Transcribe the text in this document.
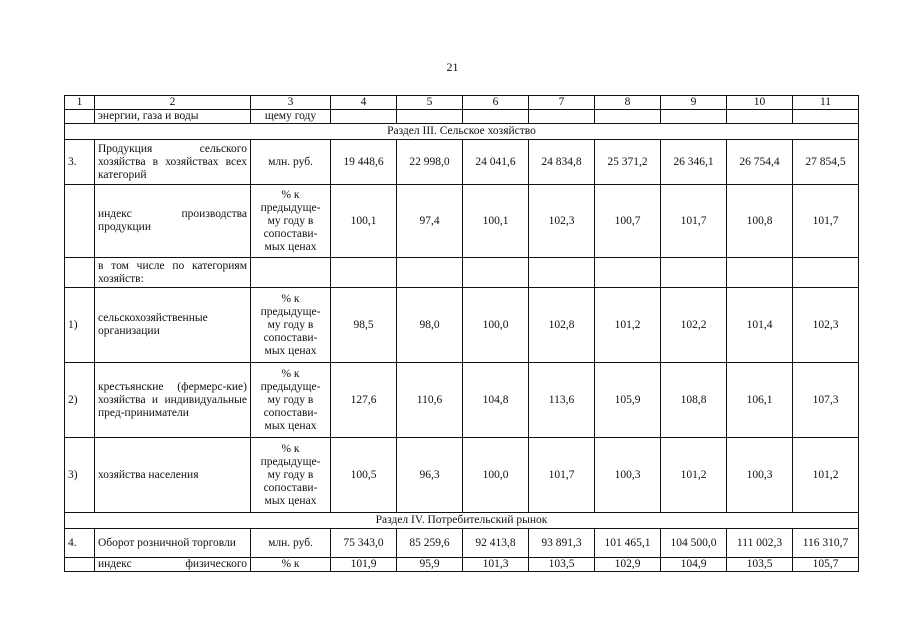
21
1	2	3	4	5	6	7	8	9	10	11
	энергии, газа и воды	щему году								
Раздел III. Сельское хозяйство										
3.	Продукция сельского хозяйства в хозяйствах всех категорий	млн. руб.	19 448,6	22 998,0	24 041,6	24 834,8	25 371,2	26 346,1	26 754,4	27 854,5
	индекс производства продукции	% к
предыдуще-
му году в
сопостави-
мых ценах	100,1	97,4	100,1	102,3	100,7	101,7	100,8	101,7
	в том числе по категориям хозяйств:									
1)	сельскохозяйственные организации	% к
предыдуще-
му году в
сопостави-
мых ценах	98,5	98,0	100,0	102,8	101,2	102,2	101,4	102,3
2)	крестьянские (фермерс-кие) хозяйства и индивидуальные пред-приниматели	% к
предыдуще-
му году в
сопостави-
мых ценах	127,6	110,6	104,8	113,6	105,9	108,8	106,1	107,3
3)	хозяйства населения	% к
предыдуще-
му году в
сопостави-
мых ценах	100,5	96,3	100,0	101,7	100,3	101,2	100,3	101,2
Раздел IV. Потребительский рынок										
4.	Оборот розничной торговли	млн. руб.	75 343,0	85 259,6	92 413,8	93 891,3	101 465,1	104 500,0	111 002,3	116 310,7
	индекс физического	% к	101,9	95,9	101,3	103,5	102,9	104,9	103,5	105,7
